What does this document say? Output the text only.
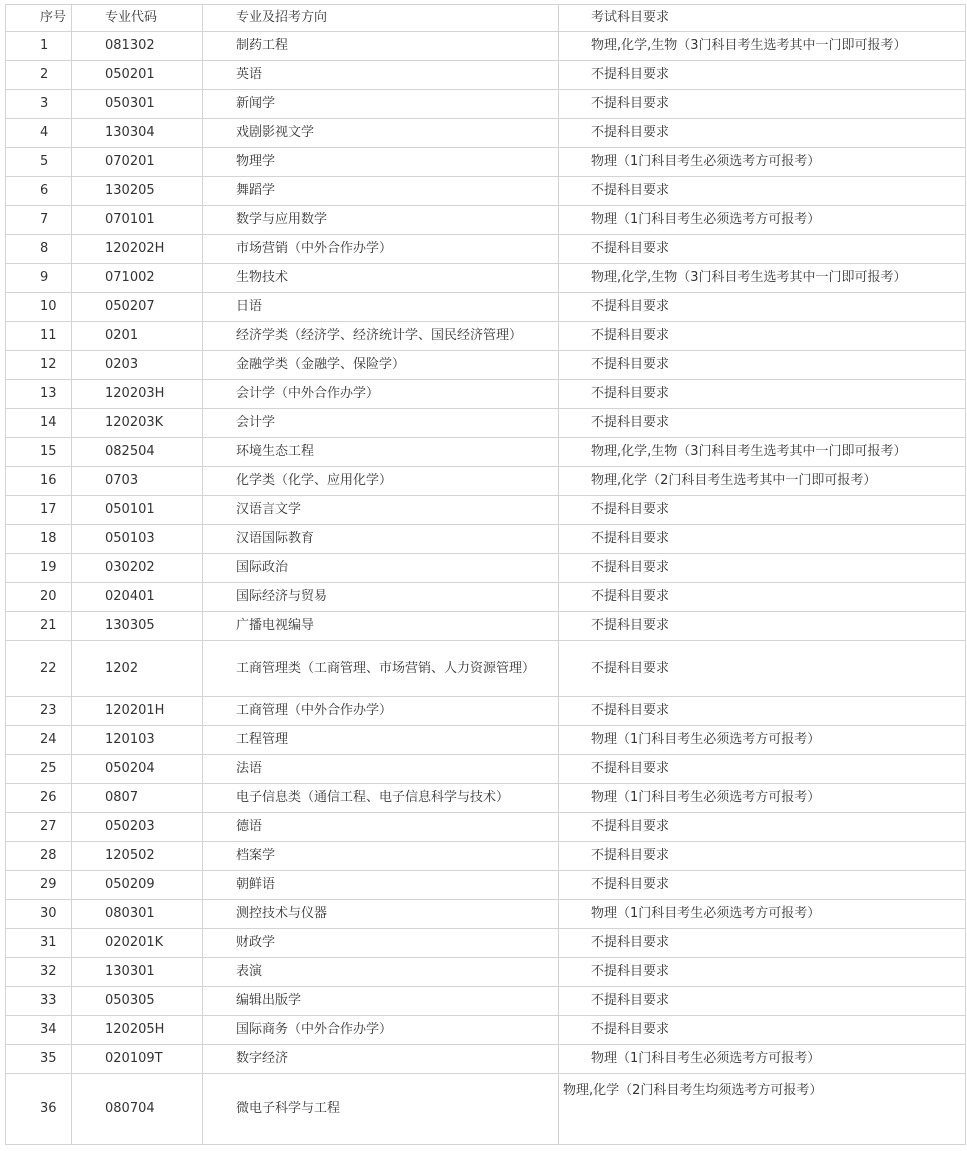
序号	专业代码	专业及招考方向	考试科目要求
1	081302	制药工程	物理,化学,生物（3门科目考生选考其中一门即可报考）
2	050201	英语	不提科目要求
3	050301	新闻学	不提科目要求
4	130304	戏剧影视文学	不提科目要求
5	070201	物理学	物理（1门科目考生必须选考方可报考）
6	130205	舞蹈学	不提科目要求
7	070101	数学与应用数学	物理（1门科目考生必须选考方可报考）
8	120202H	市场营销（中外合作办学）	不提科目要求
9	071002	生物技术	物理,化学,生物（3门科目考生选考其中一门即可报考）
10	050207	日语	不提科目要求
11	0201	经济学类（经济学、经济统计学、国民经济管理）	不提科目要求
12	0203	金融学类（金融学、保险学）	不提科目要求
13	120203H	会计学（中外合作办学）	不提科目要求
14	120203K	会计学	不提科目要求
15	082504	环境生态工程	物理,化学,生物（3门科目考生选考其中一门即可报考）
16	0703	化学类（化学、应用化学）	物理,化学（2门科目考生选考其中一门即可报考）
17	050101	汉语言文学	不提科目要求
18	050103	汉语国际教育	不提科目要求
19	030202	国际政治	不提科目要求
20	020401	国际经济与贸易	不提科目要求
21	130305	广播电视编导	不提科目要求
22	1202	工商管理类（工商管理、市场营销、人力资源管理）	不提科目要求
23	120201H	工商管理（中外合作办学）	不提科目要求
24	120103	工程管理	物理（1门科目考生必须选考方可报考）
25	050204	法语	不提科目要求
26	0807	电子信息类（通信工程、电子信息科学与技术）	物理（1门科目考生必须选考方可报考）
27	050203	德语	不提科目要求
28	120502	档案学	不提科目要求
29	050209	朝鲜语	不提科目要求
30	080301	测控技术与仪器	物理（1门科目考生必须选考方可报考）
31	020201K	财政学	不提科目要求
32	130301	表演	不提科目要求
33	050305	编辑出版学	不提科目要求
34	120205H	国际商务（中外合作办学）	不提科目要求
35	020109T	数字经济	物理（1门科目考生必须选考方可报考）
36	080704	微电子科学与工程	物理,化学（2门科目考生均须选考方可报考）
